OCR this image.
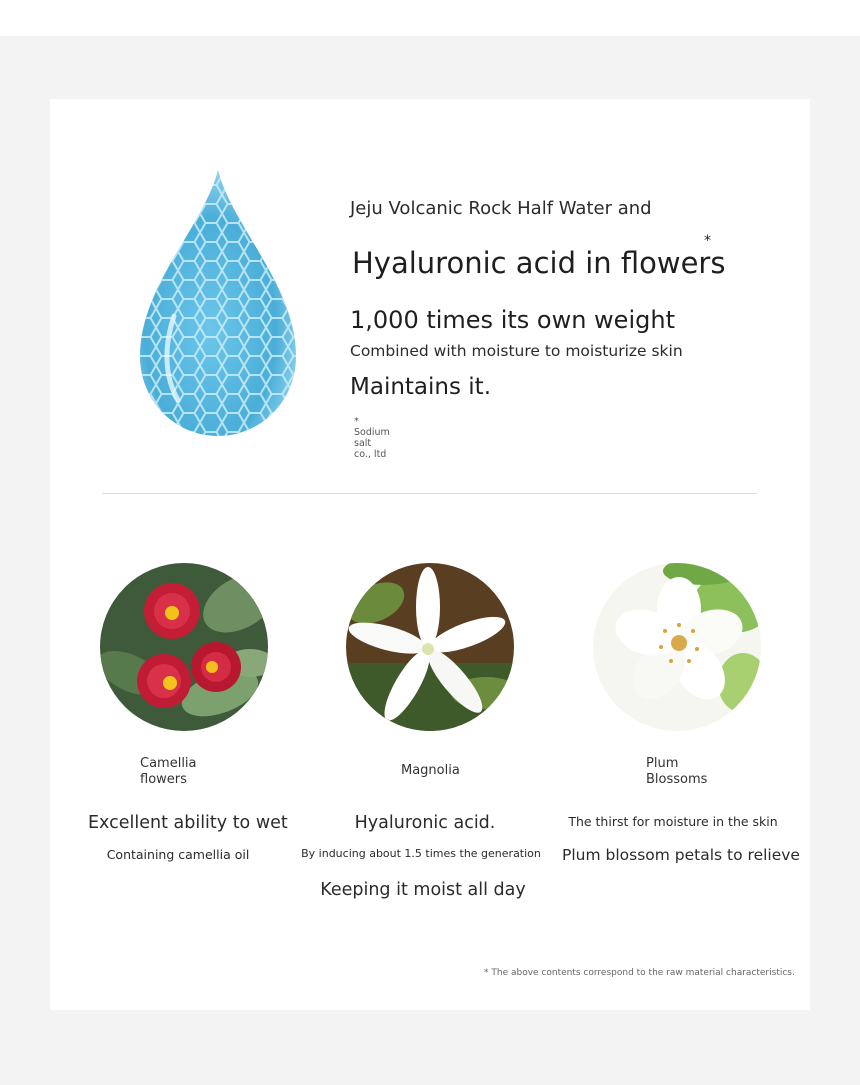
Jeju Volcanic Rock Half Water and
Hyaluronic acid in flowers
*
1,000 times its own weight
Combined with moisture to moisturize skin
Maintains it.
* Sodium salt
co., ltd
Camellia
flowers
Excellent ability to wet
Containing camellia oil
Magnolia
Hyaluronic acid.
By inducing about 1.5 times the generation
Keeping it moist all day
Plum
Blossoms
The thirst for moisture in the skin
Plum blossom petals to relieve
* The above contents correspond to the raw material characteristics.
